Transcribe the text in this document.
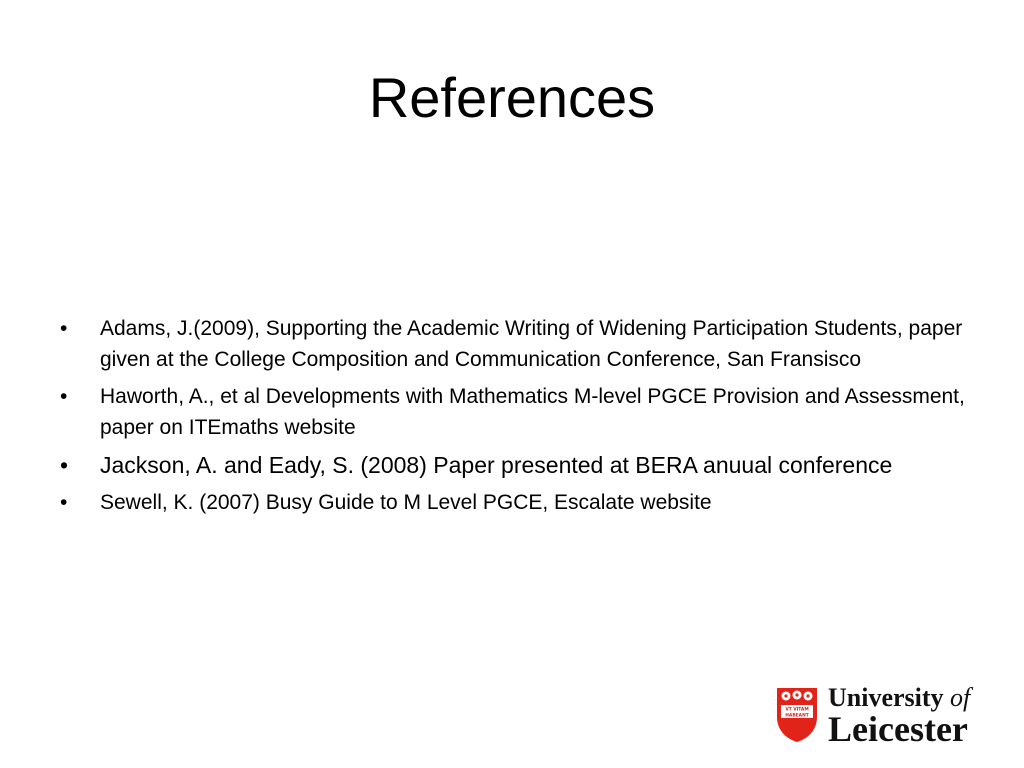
References
• Adams, J.(2009), Supporting the Academic Writing of Widening Participation Students, paper given at the College Composition and Communication Conference, San Fransisco
• Haworth, A., et al Developments with Mathematics M-level PGCE Provision and Assessment, paper on ITEmaths website
• Jackson, A. and Eady, S. (2008) Paper presented at BERA anuual conference
• Sewell, K. (2007) Busy Guide to M Level PGCE, Escalate website
VT VITAM
HABEANT
University of
Leicester
